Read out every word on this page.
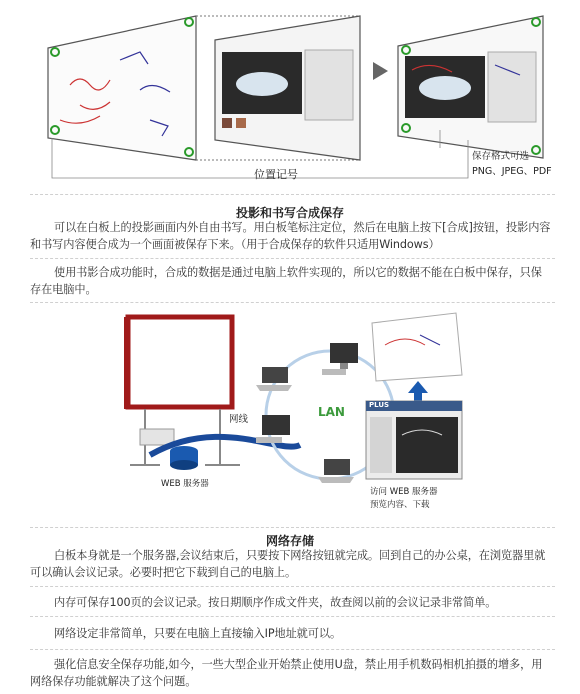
位置记号
保存格式可选
PNG、JPEG、PDF
投影和书写合成保存
可以在白板上的投影画面内外自由书写。用白板笔标注定位，然后在电脑上按下[合成]按钮，投影内容和书写内容便合成为一个画面被保存下来。（用于合成保存的软件只适用Windows）
使用书影合成功能时，合成的数据是通过电脑上软件实现的，所以它的数据不能在白板中保存，只保存在电脑中。
网线
LAN
WEB 服务器
PLUS
访问 WEB 服务器
预览内容、下载
网络存储
白板本身就是一个服务器,会议结束后，只要按下网络按钮就完成。回到自己的办公桌，在浏览器里就可以确认会议记录。必要时把它下载到自己的电脑上。
内存可保存100页的会议记录。按日期顺序作成文件夹，故查阅以前的会议记录非常简单。
网络设定非常简单，只要在电脑上直接输入IP地址就可以。
强化信息安全保存功能,如今，一些大型企业开始禁止使用U盘，禁止用手机数码相机拍摄的增多，用网络保存功能就解决了这个问题。
